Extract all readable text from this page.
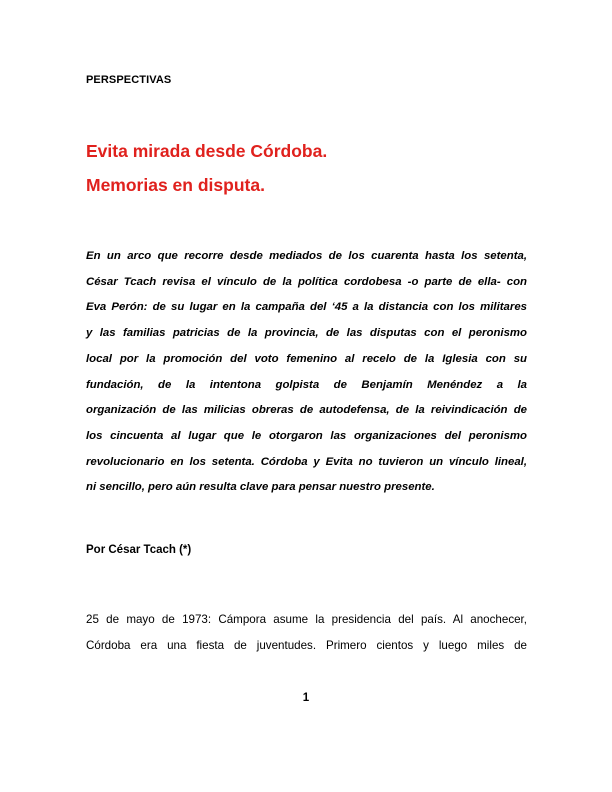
PERSPECTIVAS
Evita mirada desde Córdoba.
Memorias en disputa.
En un arco que recorre desde mediados de los cuarenta hasta los setenta,
César Tcach revisa el vínculo de la política cordobesa -o parte de ella- con
Eva Perón: de su lugar en la campaña del ‘45 a la distancia con los militares
y las familias patricias de la provincia, de las disputas con el peronismo
local por la promoción del voto femenino al recelo de la Iglesia con su
fundación, de la intentona golpista de Benjamín Menéndez a la
organización de las milicias obreras de autodefensa, de la reivindicación de
los cincuenta al lugar que le otorgaron las organizaciones del peronismo
revolucionario en los setenta. Córdoba y Evita no tuvieron un vínculo lineal,
ni sencillo, pero aún resulta clave para pensar nuestro presente.
Por César Tcach (*)
25 de mayo de 1973: Cámpora asume la presidencia del país. Al anochecer,
Córdoba era una fiesta de juventudes. Primero cientos y luego miles de
1
